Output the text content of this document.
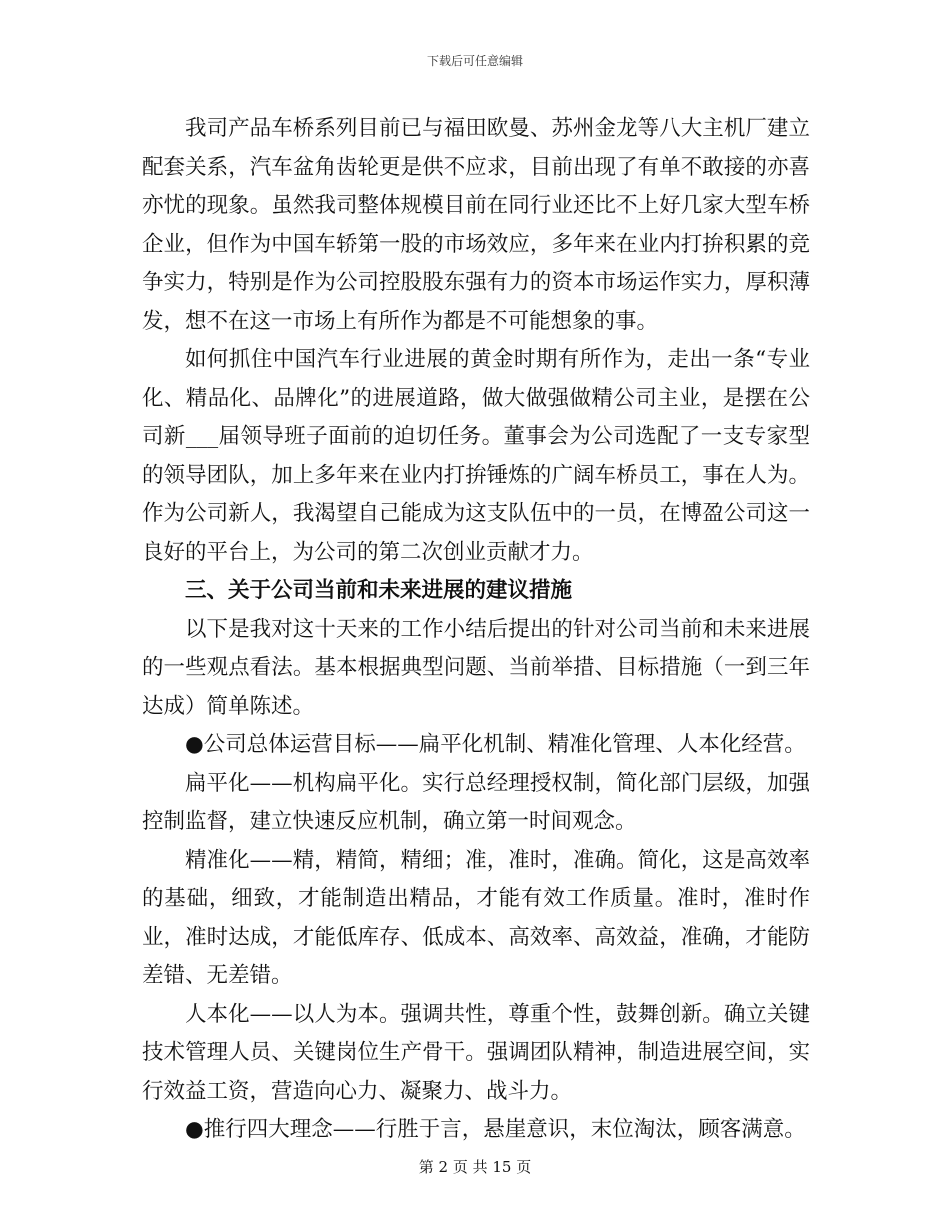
下载后可任意编辑

我司产品车桥系列目前已与福田欧曼、苏州金龙等八大主机厂建立配套关系，汽车盆角齿轮更是供不应求，目前出现了有单不敢接的亦喜亦忧的现象。虽然我司整体规模目前在同行业还比不上好几家大型车桥企业，但作为中国车轿第一股的市场效应，多年来在业内打拚积累的竞争实力，特别是作为公司控股股东强有力的资本市场运作实力，厚积薄发，想不在这一市场上有所作为都是不可能想象的事。

如何抓住中国汽车行业进展的黄金时期有所作为，走出一条“专业化、精品化、品牌化”的进展道路，做大做强做精公司主业，是摆在公司新___届领导班子面前的迫切任务。董事会为公司选配了一支专家型的领导团队，加上多年来在业内打拚锤炼的广阔车桥员工，事在人为。作为公司新人，我渴望自己能成为这支队伍中的一员，在博盈公司这一良好的平台上，为公司的第二次创业贡献才力。

三、关于公司当前和未来进展的建议措施

以下是我对这十天来的工作小结后提出的针对公司当前和未来进展的一些观点看法。基本根据典型问题、当前举措、目标措施（一到三年达成）简单陈述。

●公司总体运营目标——扁平化机制、精准化管理、人本化经营。

扁平化——机构扁平化。实行总经理授权制，简化部门层级，加强控制监督，建立快速反应机制，确立第一时间观念。

精准化——精，精简，精细；准，准时，准确。简化，这是高效率的基础，细致，才能制造出精品，才能有效工作质量。准时，准时作业，准时达成，才能低库存、低成本、高效率、高效益，准确，才能防差错、无差错。

人本化——以人为本。强调共性，尊重个性，鼓舞创新。确立关键技术管理人员、关键岗位生产骨干。强调团队精神，制造进展空间，实行效益工资，营造向心力、凝聚力、战斗力。

●推行四大理念——行胜于言，悬崖意识，末位淘汰，顾客满意。

第 2 页 共 15 页
